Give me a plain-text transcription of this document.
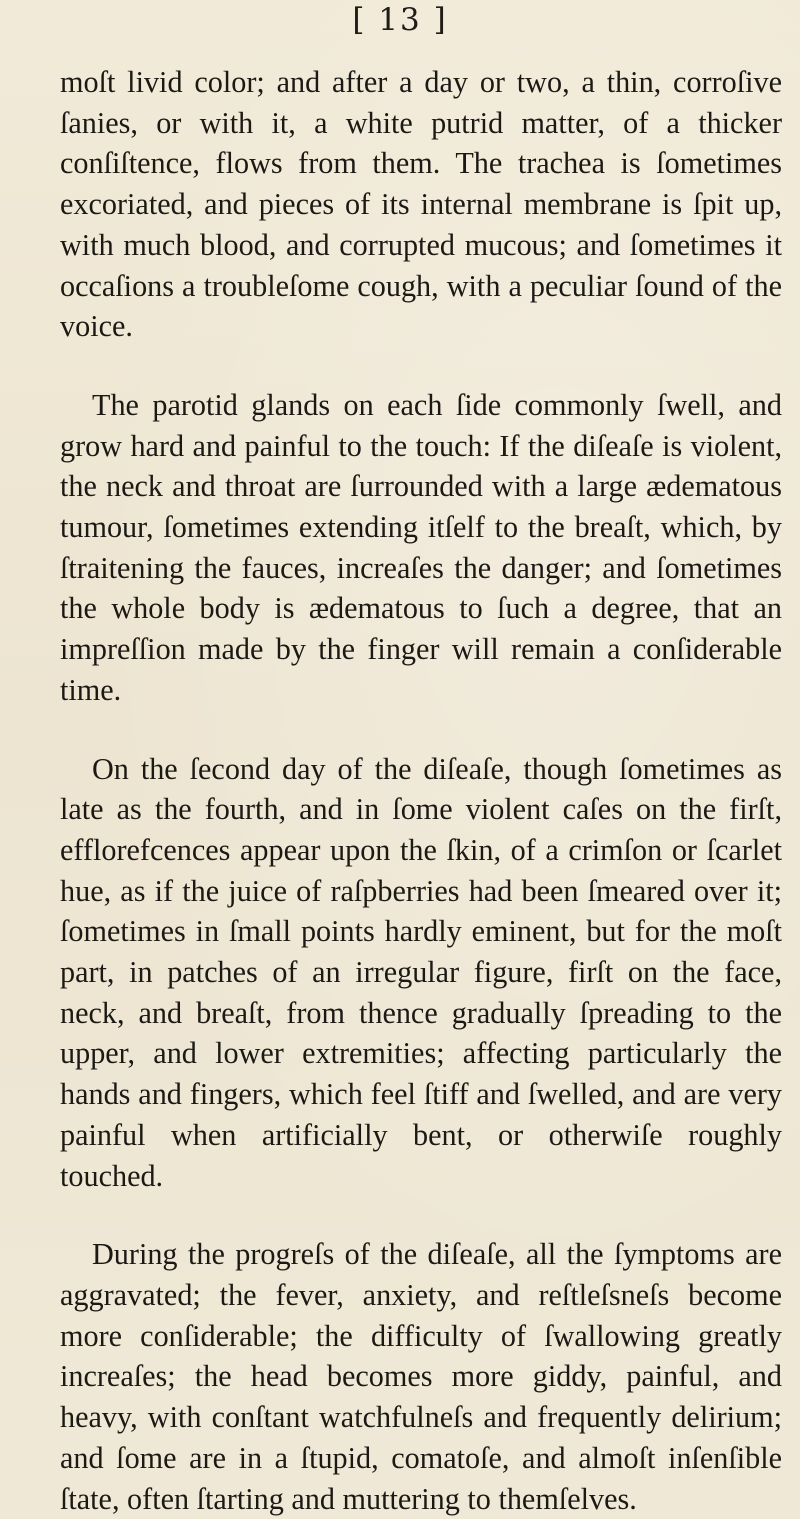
[ 13 ]

moſt livid color; and after a day or two, a thin, corroſive ſanies, or with it, a white putrid matter, of a thicker conſiſtence, flows from them. The trachea is ſometimes excoriated, and pieces of its internal membrane is ſpit up, with much blood, and corrupted mucous; and ſometimes it occaſions a troubleſome cough, with a peculiar ſound of the voice.

The parotid glands on each ſide commonly ſwell, and grow hard and painful to the touch: If the diſeaſe is violent, the neck and throat are ſurrounded with a large ædematous tumour, ſometimes extending itſelf to the breaſt, which, by ſtraitening the fauces, increaſes the danger; and ſometimes the whole body is ædematous to ſuch a degree, that an impreſſion made by the finger will remain a conſiderable time.

On the ſecond day of the diſeaſe, though ſometimes as late as the fourth, and in ſome violent caſes on the firſt, efflorefcences appear upon the ſkin, of a crimſon or ſcarlet hue, as if the juice of raſpberries had been ſmeared over it; ſometimes in ſmall points hardly eminent, but for the moſt part, in patches of an irregular figure, firſt on the face, neck, and breaſt, from thence gradually ſpreading to the upper, and lower extremities; affecting particularly the hands and fingers, which feel ſtiff and ſwelled, and are very painful when artificially bent, or otherwiſe roughly touched.

During the progreſs of the diſeaſe, all the ſymptoms are aggravated; the fever, anxiety, and reſtleſsneſs become more conſiderable; the difficulty of ſwallowing greatly increaſes; the head becomes more giddy, painful, and heavy, with conſtant watchfulneſs and frequently delirium; and ſome are in a ſtupid, comatoſe, and almoſt inſenſible ſtate, often ſtarting and muttering to themſelves.
